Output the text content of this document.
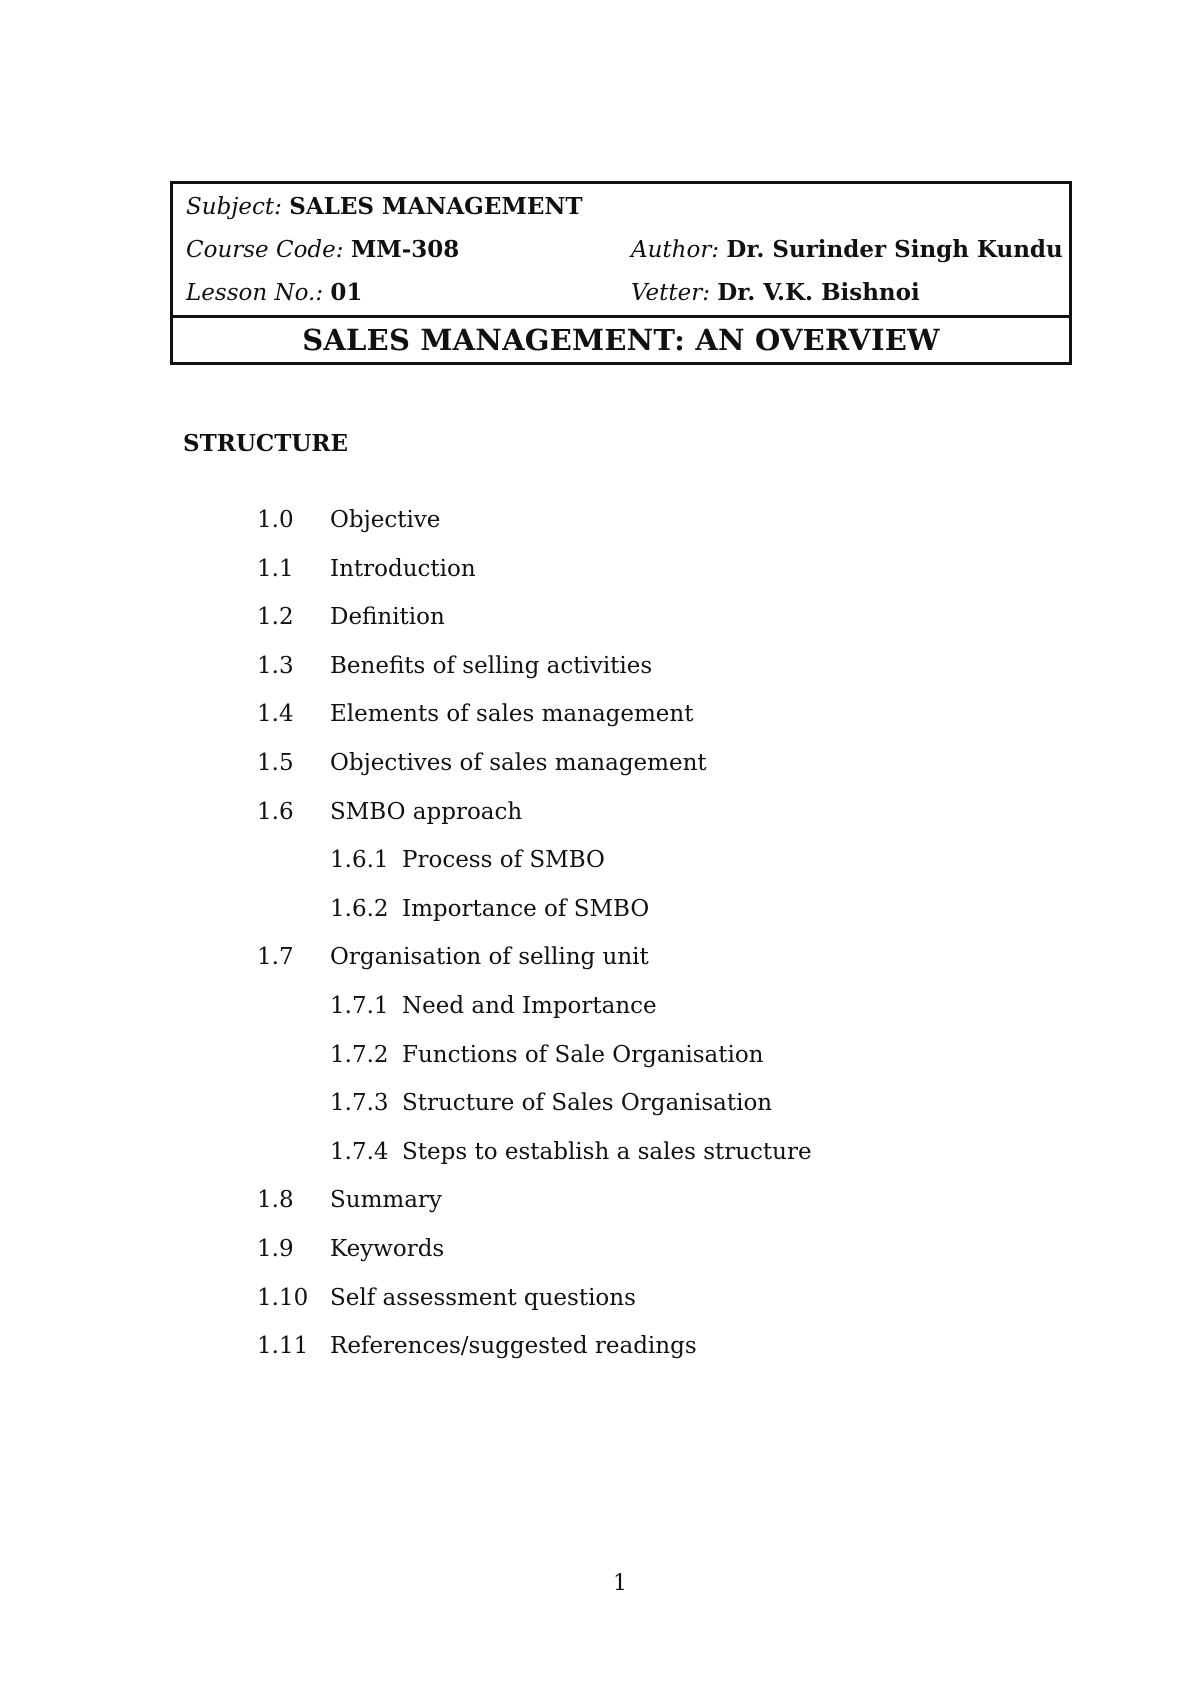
Subject: SALES MANAGEMENT
Course Code: MM-308	Author: Dr. Surinder Singh Kundu
Lesson No.: 01	Vetter: Dr. V.K. Bishnoi
SALES MANAGEMENT: AN OVERVIEW
STRUCTURE
1.0 Objective
1.1 Introduction
1.2 Definition
1.3 Benefits of selling activities
1.4 Elements of sales management
1.5 Objectives of sales management
1.6 SMBO approach
1.6.1 Process of SMBO
1.6.2 Importance of SMBO
1.7 Organisation of selling unit
1.7.1 Need and Importance
1.7.2 Functions of Sale Organisation
1.7.3 Structure of Sales Organisation
1.7.4 Steps to establish a sales structure
1.8 Summary
1.9 Keywords
1.10 Self assessment questions
1.11 References/suggested readings
1
